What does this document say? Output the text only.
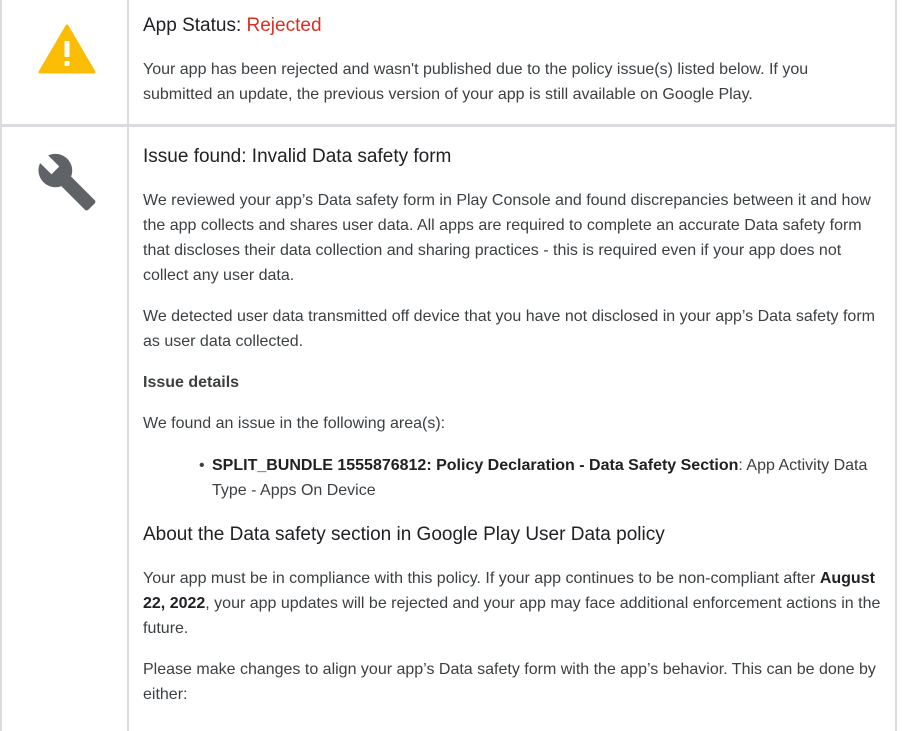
App Status: Rejected

Your app has been rejected and wasn't published due to the policy issue(s) listed below. If you submitted an update, the previous version of your app is still available on Google Play.

Issue found: Invalid Data safety form

We reviewed your app’s Data safety form in Play Console and found discrepancies between it and how the app collects and shares user data. All apps are required to complete an accurate Data safety form that discloses their data collection and sharing practices - this is required even if your app does not collect any user data.

We detected user data transmitted off device that you have not disclosed in your app’s Data safety form as user data collected.

Issue details

We found an issue in the following area(s):

• SPLIT_BUNDLE 1555876812: Policy Declaration - Data Safety Section: App Activity Data Type - Apps On Device
About the Data safety section in Google Play User Data policy

Your app must be in compliance with this policy. If your app continues to be non-compliant after August 22, 2022, your app updates will be rejected and your app may face additional enforcement actions in the future.

Please make changes to align your app’s Data safety form with the app’s behavior. This can be done by either:
